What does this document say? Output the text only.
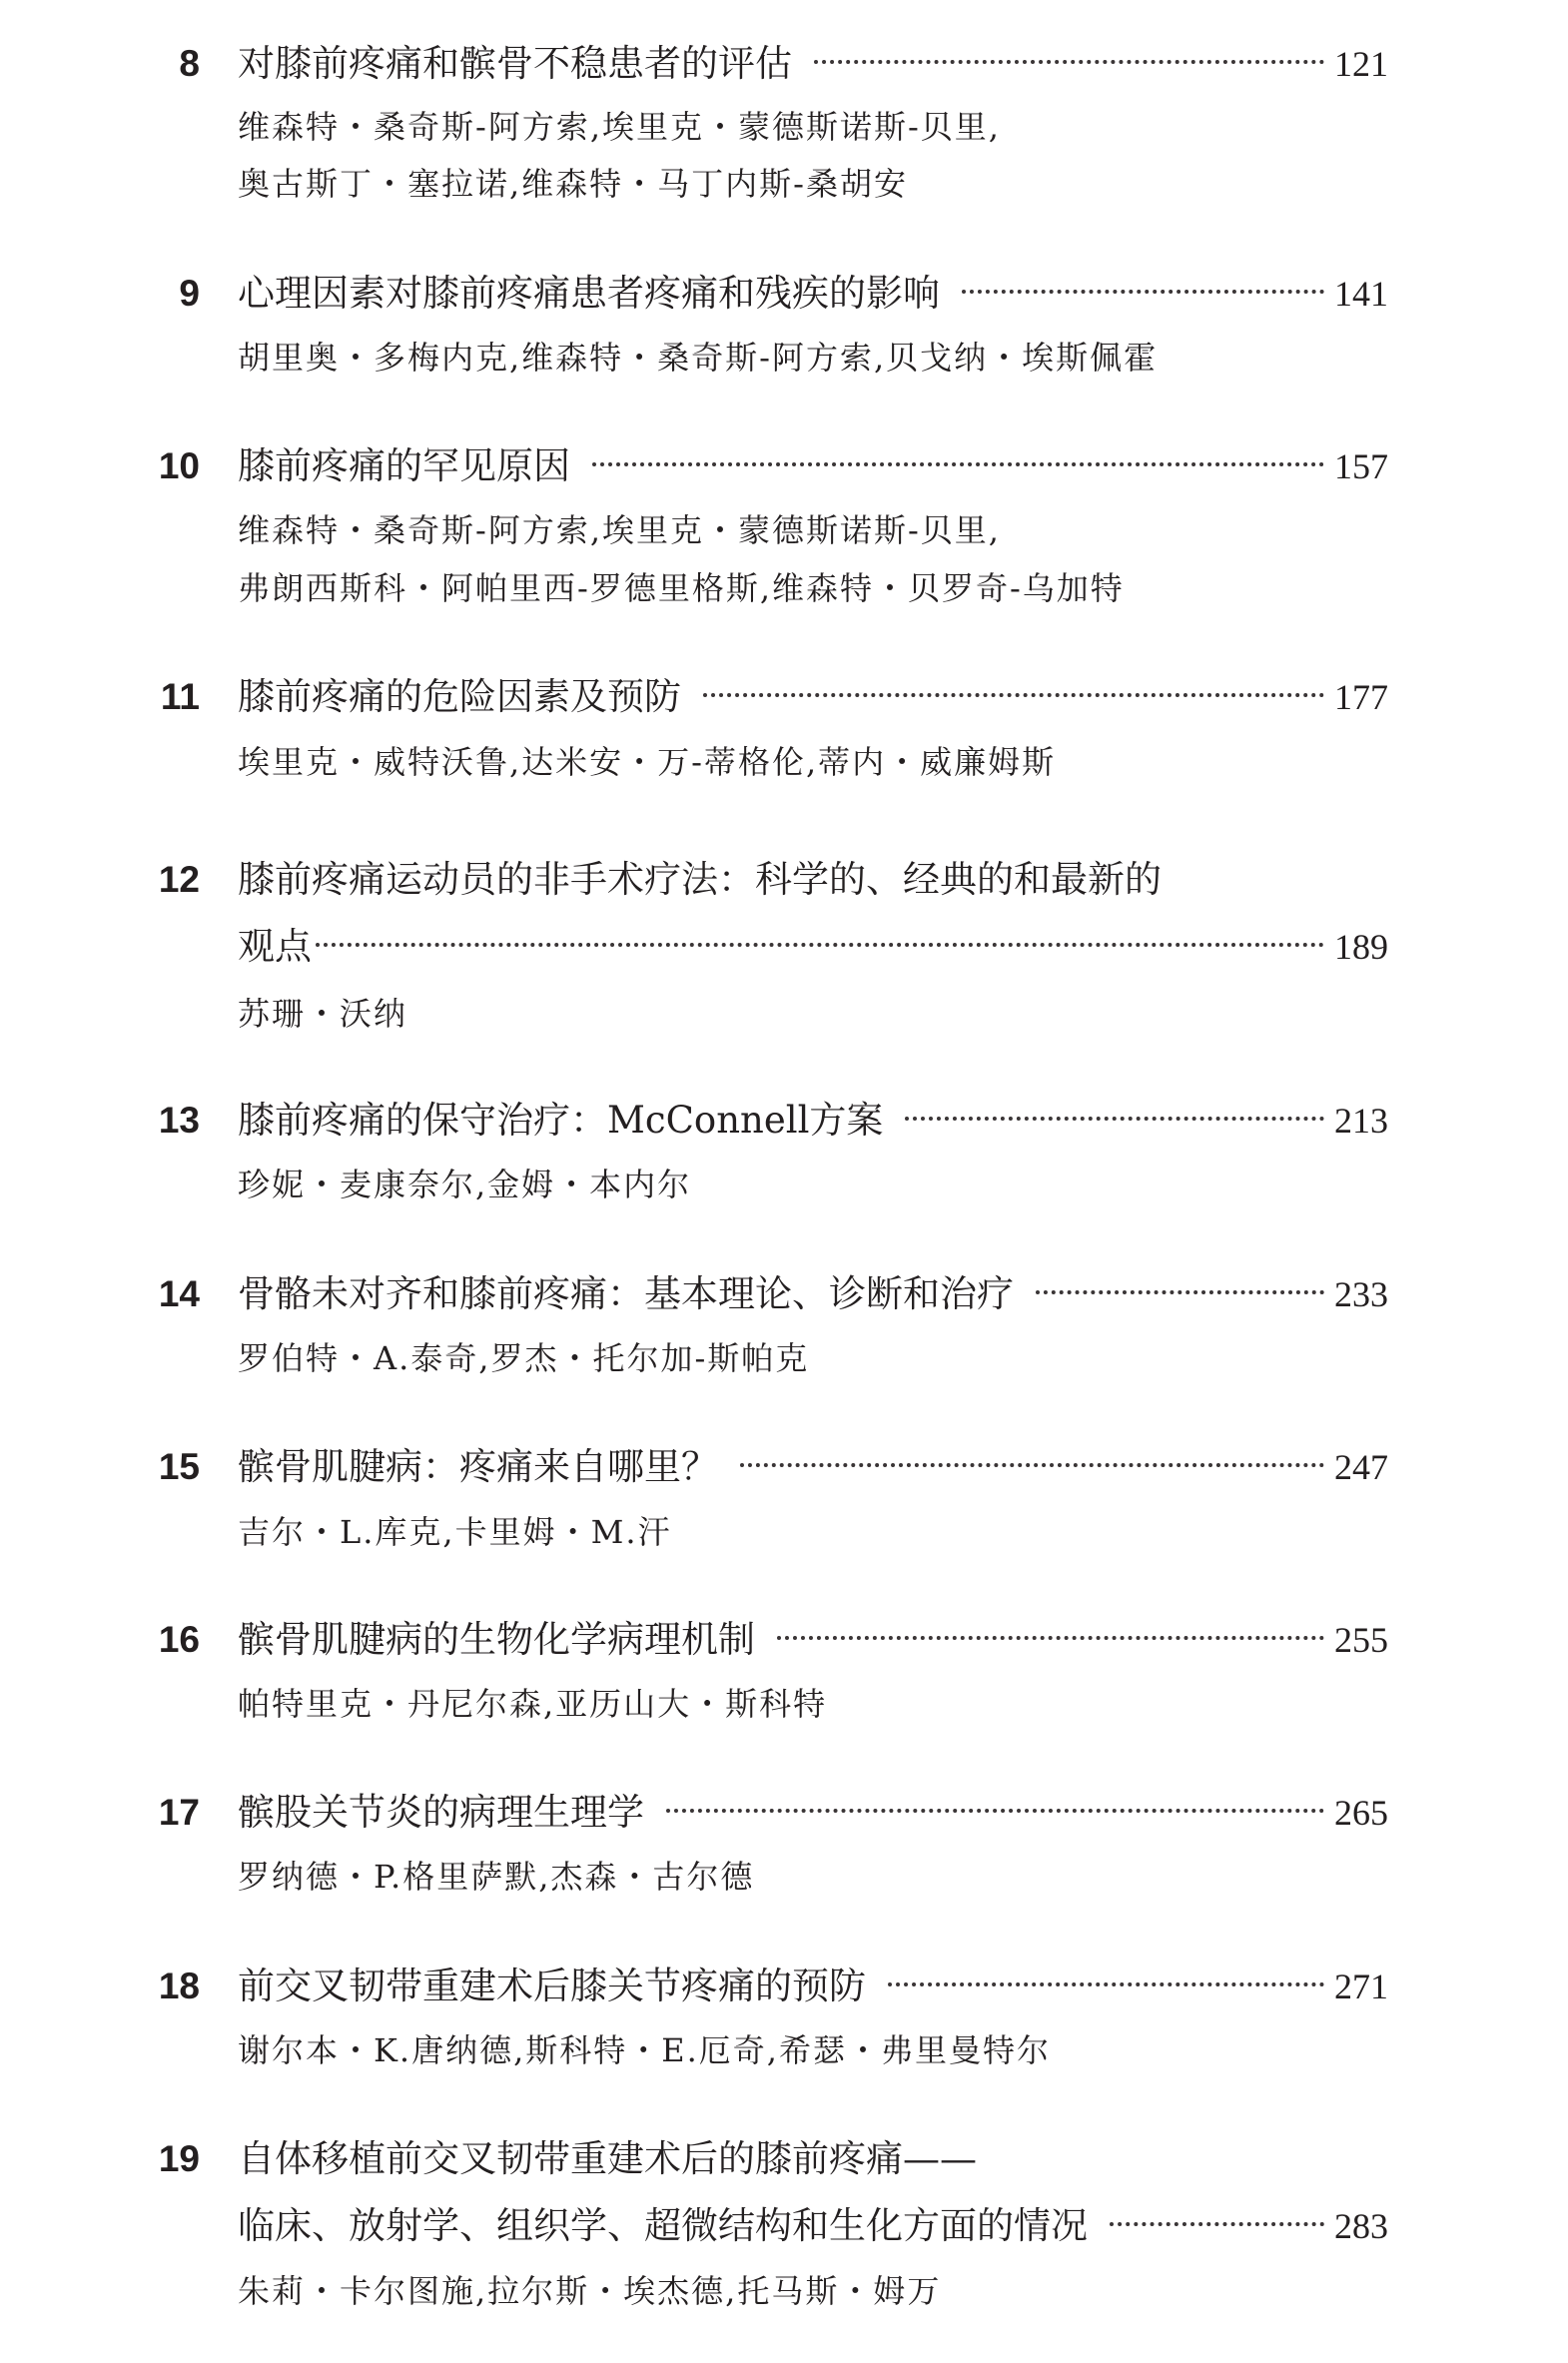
8 对膝前疼痛和髌骨不稳患者的评估	121
维森特・桑奇斯-阿方索,埃里克・蒙德斯诺斯-贝里,
奥古斯丁・塞拉诺,维森特・马丁内斯-桑胡安
9 心理因素对膝前疼痛患者疼痛和残疾的影响	141
胡里奥・多梅内克,维森特・桑奇斯-阿方索,贝戈纳・埃斯佩霍
10 膝前疼痛的罕见原因	157
维森特・桑奇斯-阿方索,埃里克・蒙德斯诺斯-贝里,
弗朗西斯科・阿帕里西-罗德里格斯,维森特・贝罗奇-乌加特
11 膝前疼痛的危险因素及预防	177
埃里克・威特沃鲁,达米安・万-蒂格伦,蒂内・威廉姆斯
12 膝前疼痛运动员的非手术疗法：科学的、经典的和最新的
观点	189
苏珊・沃纳
13 膝前疼痛的保守治疗：McConnell方案	213
珍妮・麦康奈尔,金姆・本内尔
14 骨骼未对齐和膝前疼痛：基本理论、诊断和治疗	233
罗伯特・A.泰奇,罗杰・托尔加-斯帕克
15 髌骨肌腱病：疼痛来自哪里？	247
吉尔・L.库克,卡里姆・M.汗
16 髌骨肌腱病的生物化学病理机制	255
帕特里克・丹尼尔森,亚历山大・斯科特
17 髌股关节炎的病理生理学	265
罗纳德・P.格里萨默,杰森・古尔德
18 前交叉韧带重建术后膝关节疼痛的预防	271
谢尔本・K.唐纳德,斯科特・E.厄奇,希瑟・弗里曼特尔
19 自体移植前交叉韧带重建术后的膝前疼痛——
临床、放射学、组织学、超微结构和生化方面的情况	283
朱莉・卡尔图施,拉尔斯・埃杰德,托马斯・姆万
